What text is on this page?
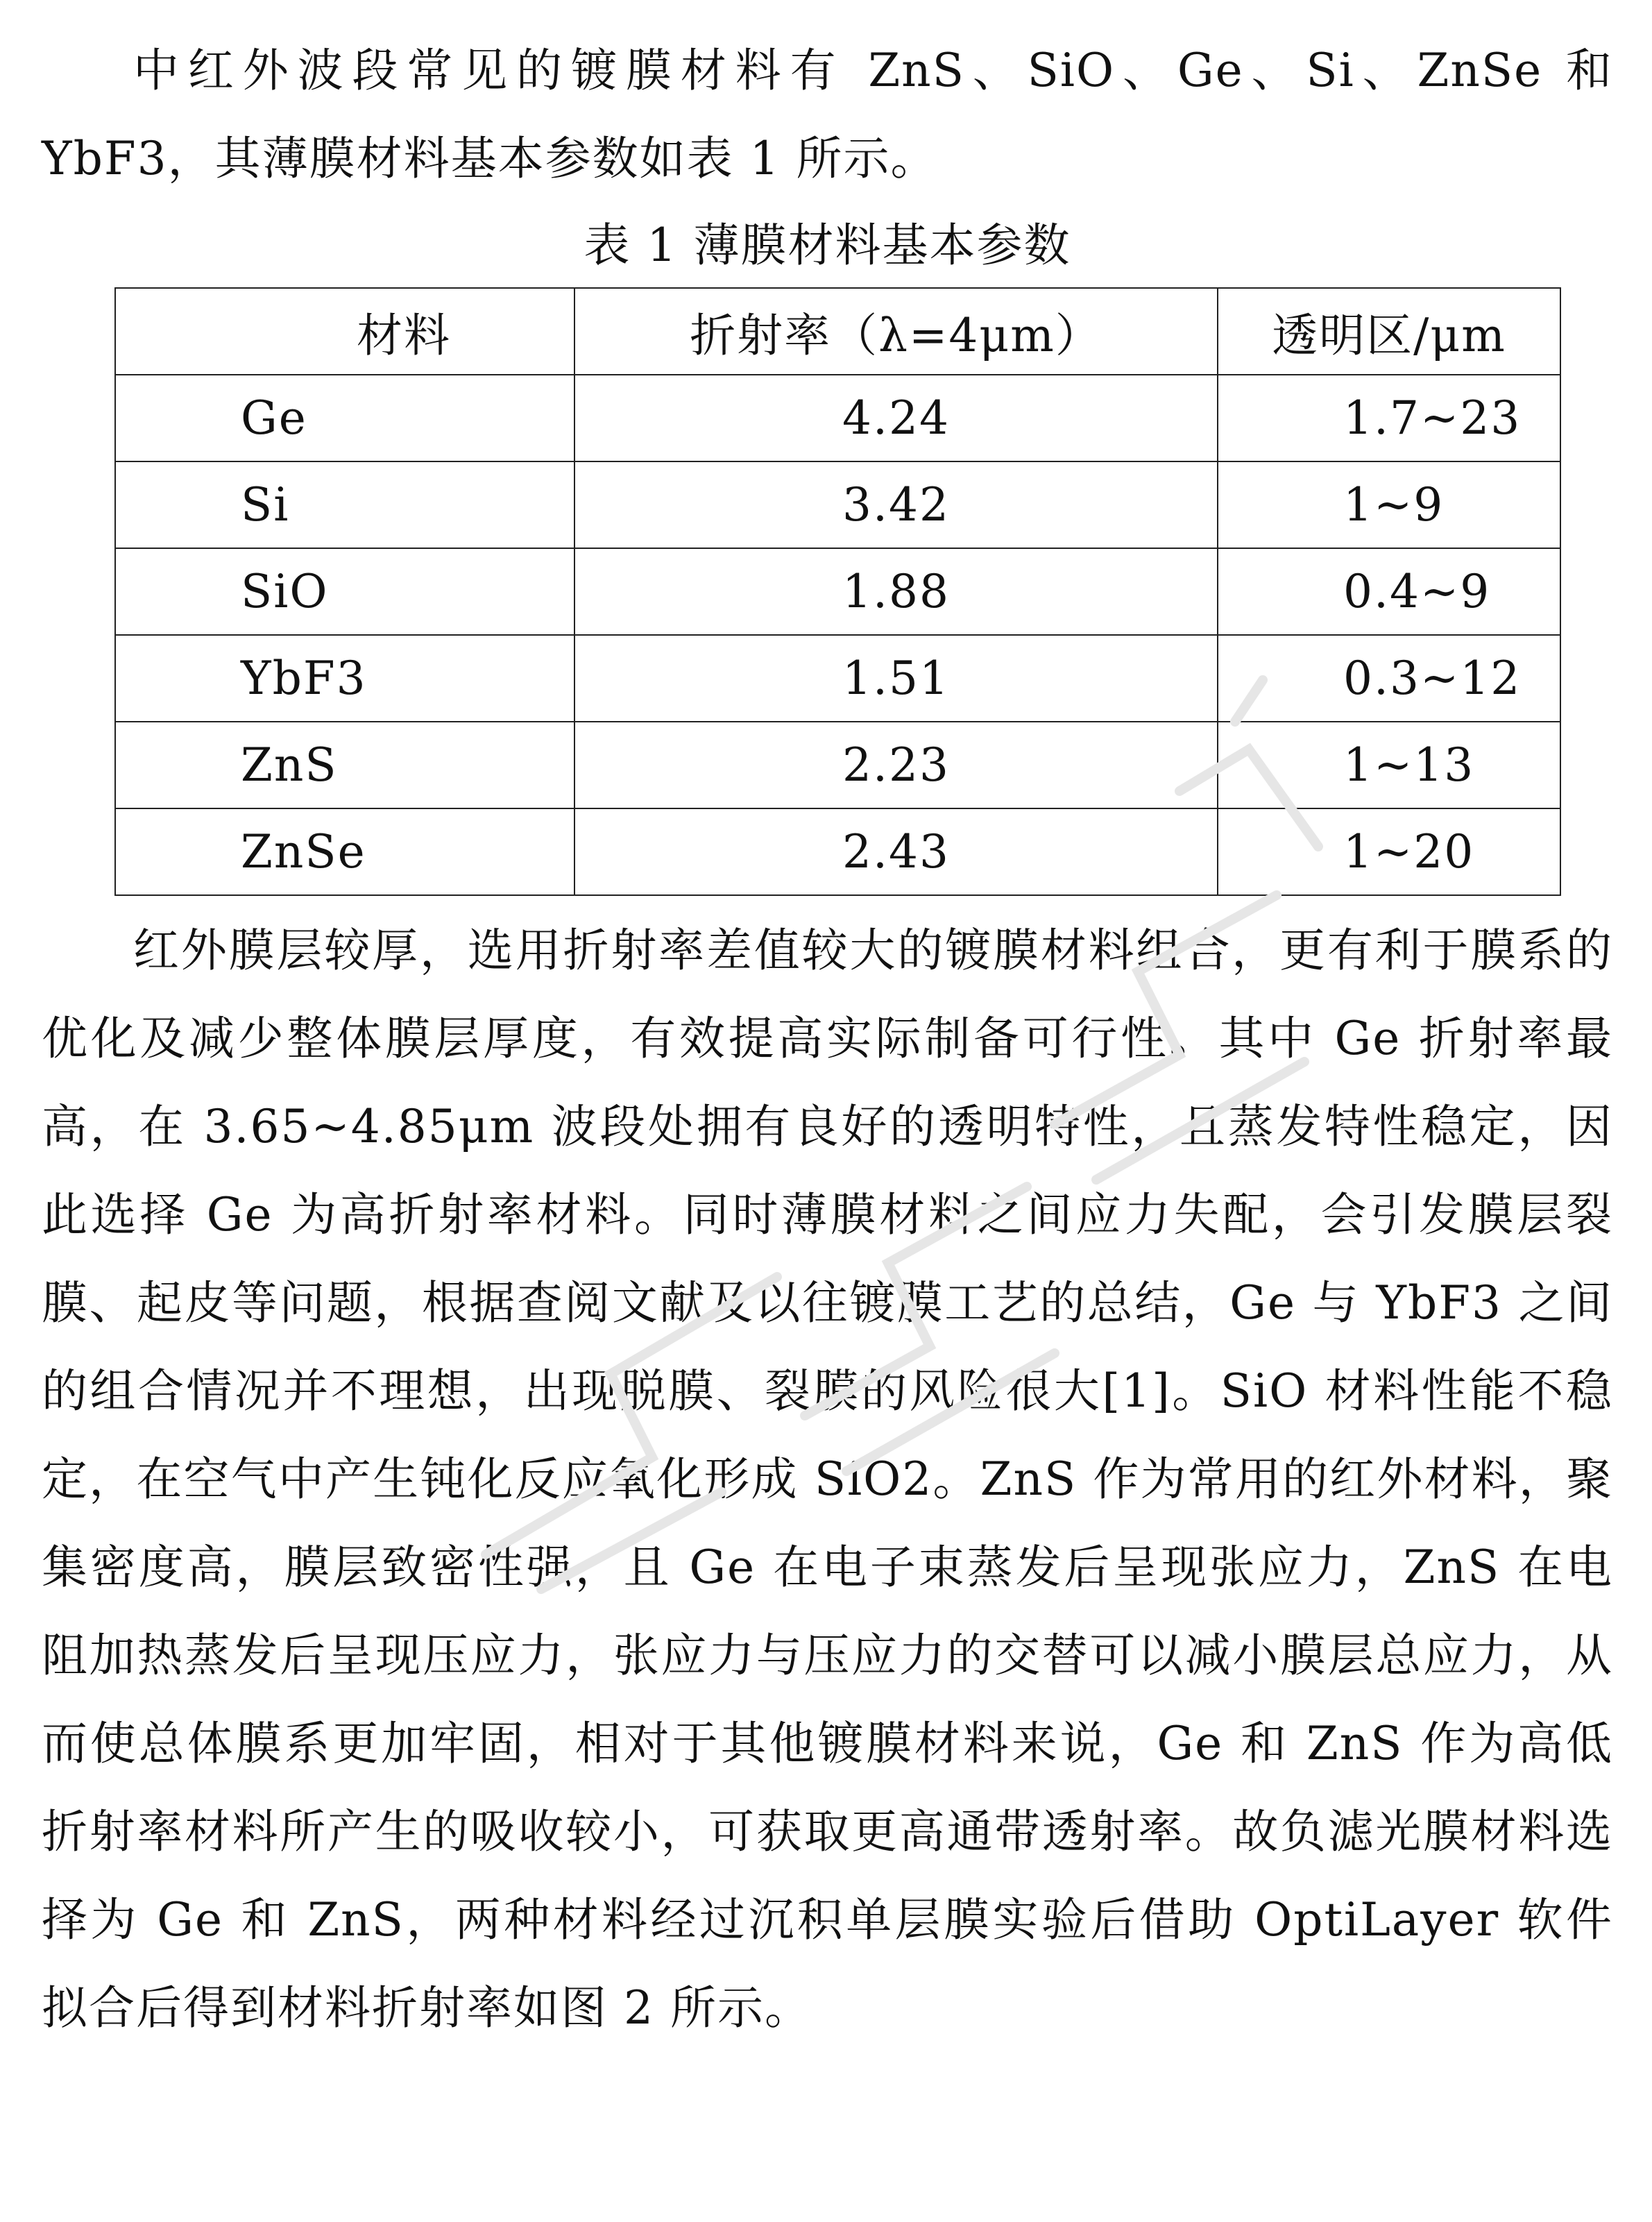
中红外波段常见的镀膜材料有 ZnS、SiO、Ge、Si、ZnSe 和 YbF3，其薄膜材料基本参数如表 1 所示。

表 1 薄膜材料基本参数
材料	折射率（λ=4μm）	透明区/μm
Ge	4.24	1.7~23
Si	3.42	1~9
SiO	1.88	0.4~9
YbF3	1.51	0.3~12
ZnS	2.23	1~13
ZnSe	2.43	1~20

红外膜层较厚，选用折射率差值较大的镀膜材料组合，更有利于膜系的优化及减少整体膜层厚度，有效提高实际制备可行性。其中 Ge 折射率最高，在 3.65~4.85μm 波段处拥有良好的透明特性，且蒸发特性稳定，因此选择 Ge 为高折射率材料。同时薄膜材料之间应力失配，会引发膜层裂膜、起皮等问题，根据查阅文献及以往镀膜工艺的总结，Ge 与 YbF3 之间的组合情况并不理想，出现脱膜、裂膜的风险很大[1]。SiO 材料性能不稳定，在空气中产生钝化反应氧化形成 SiO2。ZnS 作为常用的红外材料，聚集密度高，膜层致密性强，且 Ge 在电子束蒸发后呈现张应力，ZnS 在电阻加热蒸发后呈现压应力，张应力与压应力的交替可以减小膜层总应力，从而使总体膜系更加牢固，相对于其他镀膜材料来说，Ge 和 ZnS 作为高低折射率材料所产生的吸收较小，可获取更高通带透射率。故负滤光膜材料选择为 Ge 和 ZnS，两种材料经过沉积单层膜实验后借助 OptiLayer 软件拟合后得到材料折射率如图 2 所示。
